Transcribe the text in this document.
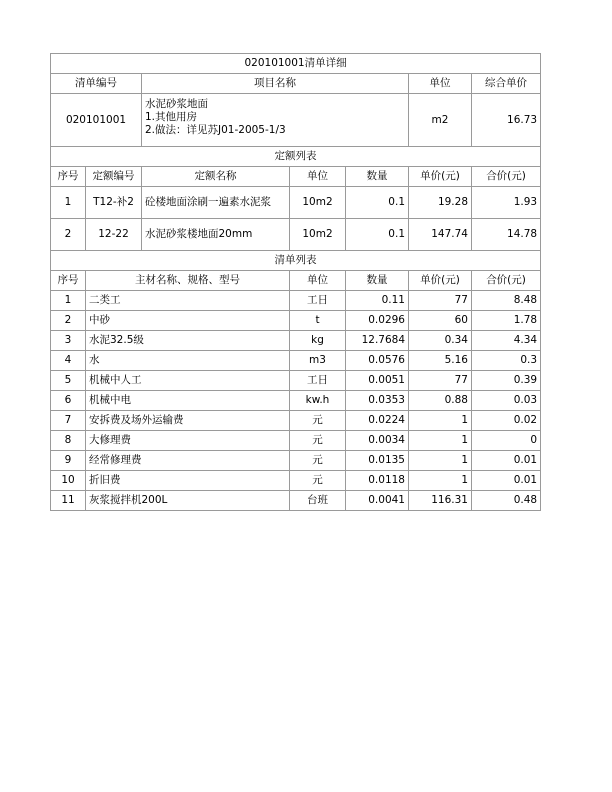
020101001清单详细						
清单编号		项目名称			单位	综合单价
020101001		水泥砂浆地面
1.其他用房
2.做法：详见苏J01-2005-1/3			m2	16.73
定额列表						
序号	定额编号	定额名称	单位	数量	单价(元)	合价(元)
1	T12-补2	砼楼地面涂刷一遍素水泥浆	10m2	0.1	19.28	1.93
2	12-22	水泥砂浆楼地面20mm	10m2	0.1	147.74	14.78
清单列表						
序号	主材名称、规格、型号		单位	数量	单价(元)	合价(元)
1	二类工		工日	0.11	77	8.48
2	中砂		t	0.0296	60	1.78
3	水泥32.5级		kg	12.7684	0.34	4.34
4	水		m3	0.0576	5.16	0.3
5	机械中人工		工日	0.0051	77	0.39
6	机械中电		kw.h	0.0353	0.88	0.03
7	安拆费及场外运输费		元	0.0224	1	0.02
8	大修理费		元	0.0034	1	0
9	经常修理费		元	0.0135	1	0.01
10	折旧费		元	0.0118	1	0.01
11	灰浆搅拌机200L		台班	0.0041	116.31	0.48
